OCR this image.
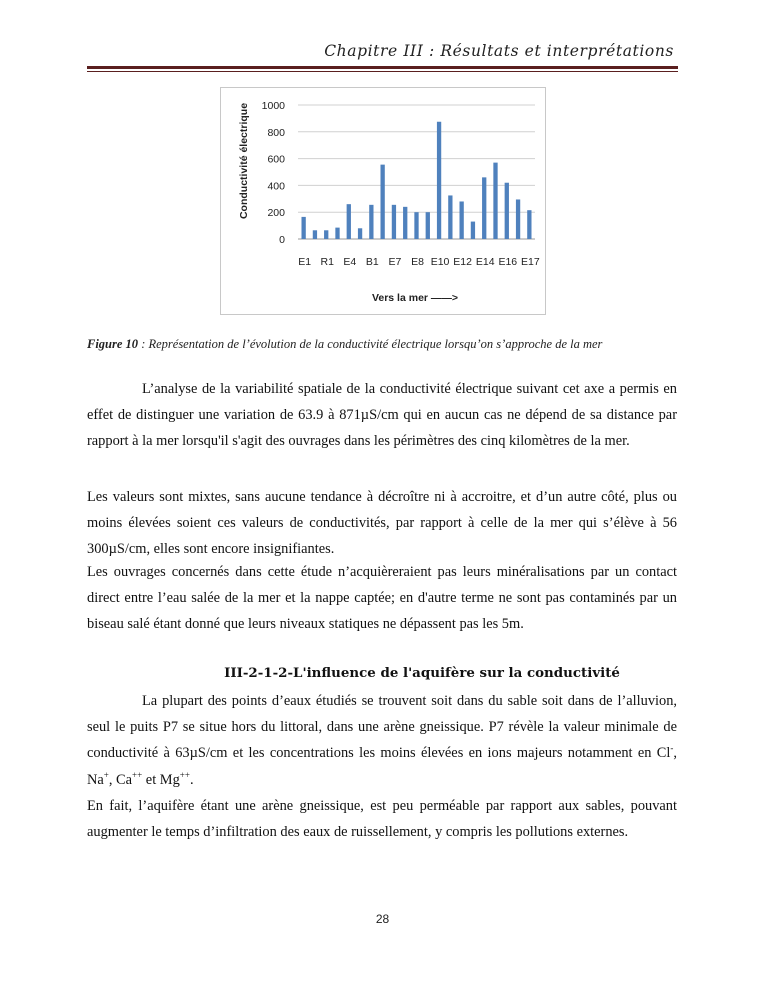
Chapitre III : Résultats et interprétations
0
200
400
600
800
1000
E1 R1 E4 B1 E7 E8 E10 E12 E14 E16 E17
Conductivité électrique
Vers la mer ——>
Figure 10 : Représentation de l’évolution de la conductivité électrique lorsqu’on s’approche de la mer

L’analyse de la variabilité spatiale de la conductivité électrique suivant cet axe a permis en effet de distinguer une variation de 63.9 à 871µS/cm qui en aucun cas ne dépend de sa distance par rapport à la mer lorsqu'il s'agit des ouvrages dans les périmètres des cinq kilomètres de la mer.

Les valeurs sont mixtes, sans aucune tendance à décroître ni à accroitre, et d’un autre côté, plus ou moins élevées soient ces valeurs de conductivités, par rapport à celle de la mer qui s’élève à 56 300µS/cm, elles sont encore insignifiantes.

Les ouvrages concernés dans cette étude n’acquièreraient pas leurs minéralisations par un contact direct entre l’eau salée de la mer et la nappe captée; en d'autre terme ne sont pas contaminés par un biseau salé étant donné que leurs niveaux statiques ne dépassent pas les 5m.

III-2-1-2-L'influence de l'aquifère sur la conductivité

La plupart des points d’eaux étudiés se trouvent soit dans du sable soit dans de l’alluvion, seul le puits P7 se situe hors du littoral, dans une arène gneissique. P7 révèle la valeur minimale de conductivité à 63µS/cm et les concentrations les moins élevées en ions majeurs notamment en Cl-, Na+, Ca++ et Mg++.

En fait, l’aquifère étant une arène gneissique, est peu perméable par rapport aux sables, pouvant augmenter le temps d’infiltration des eaux de ruissellement, y compris les pollutions externes.

28
